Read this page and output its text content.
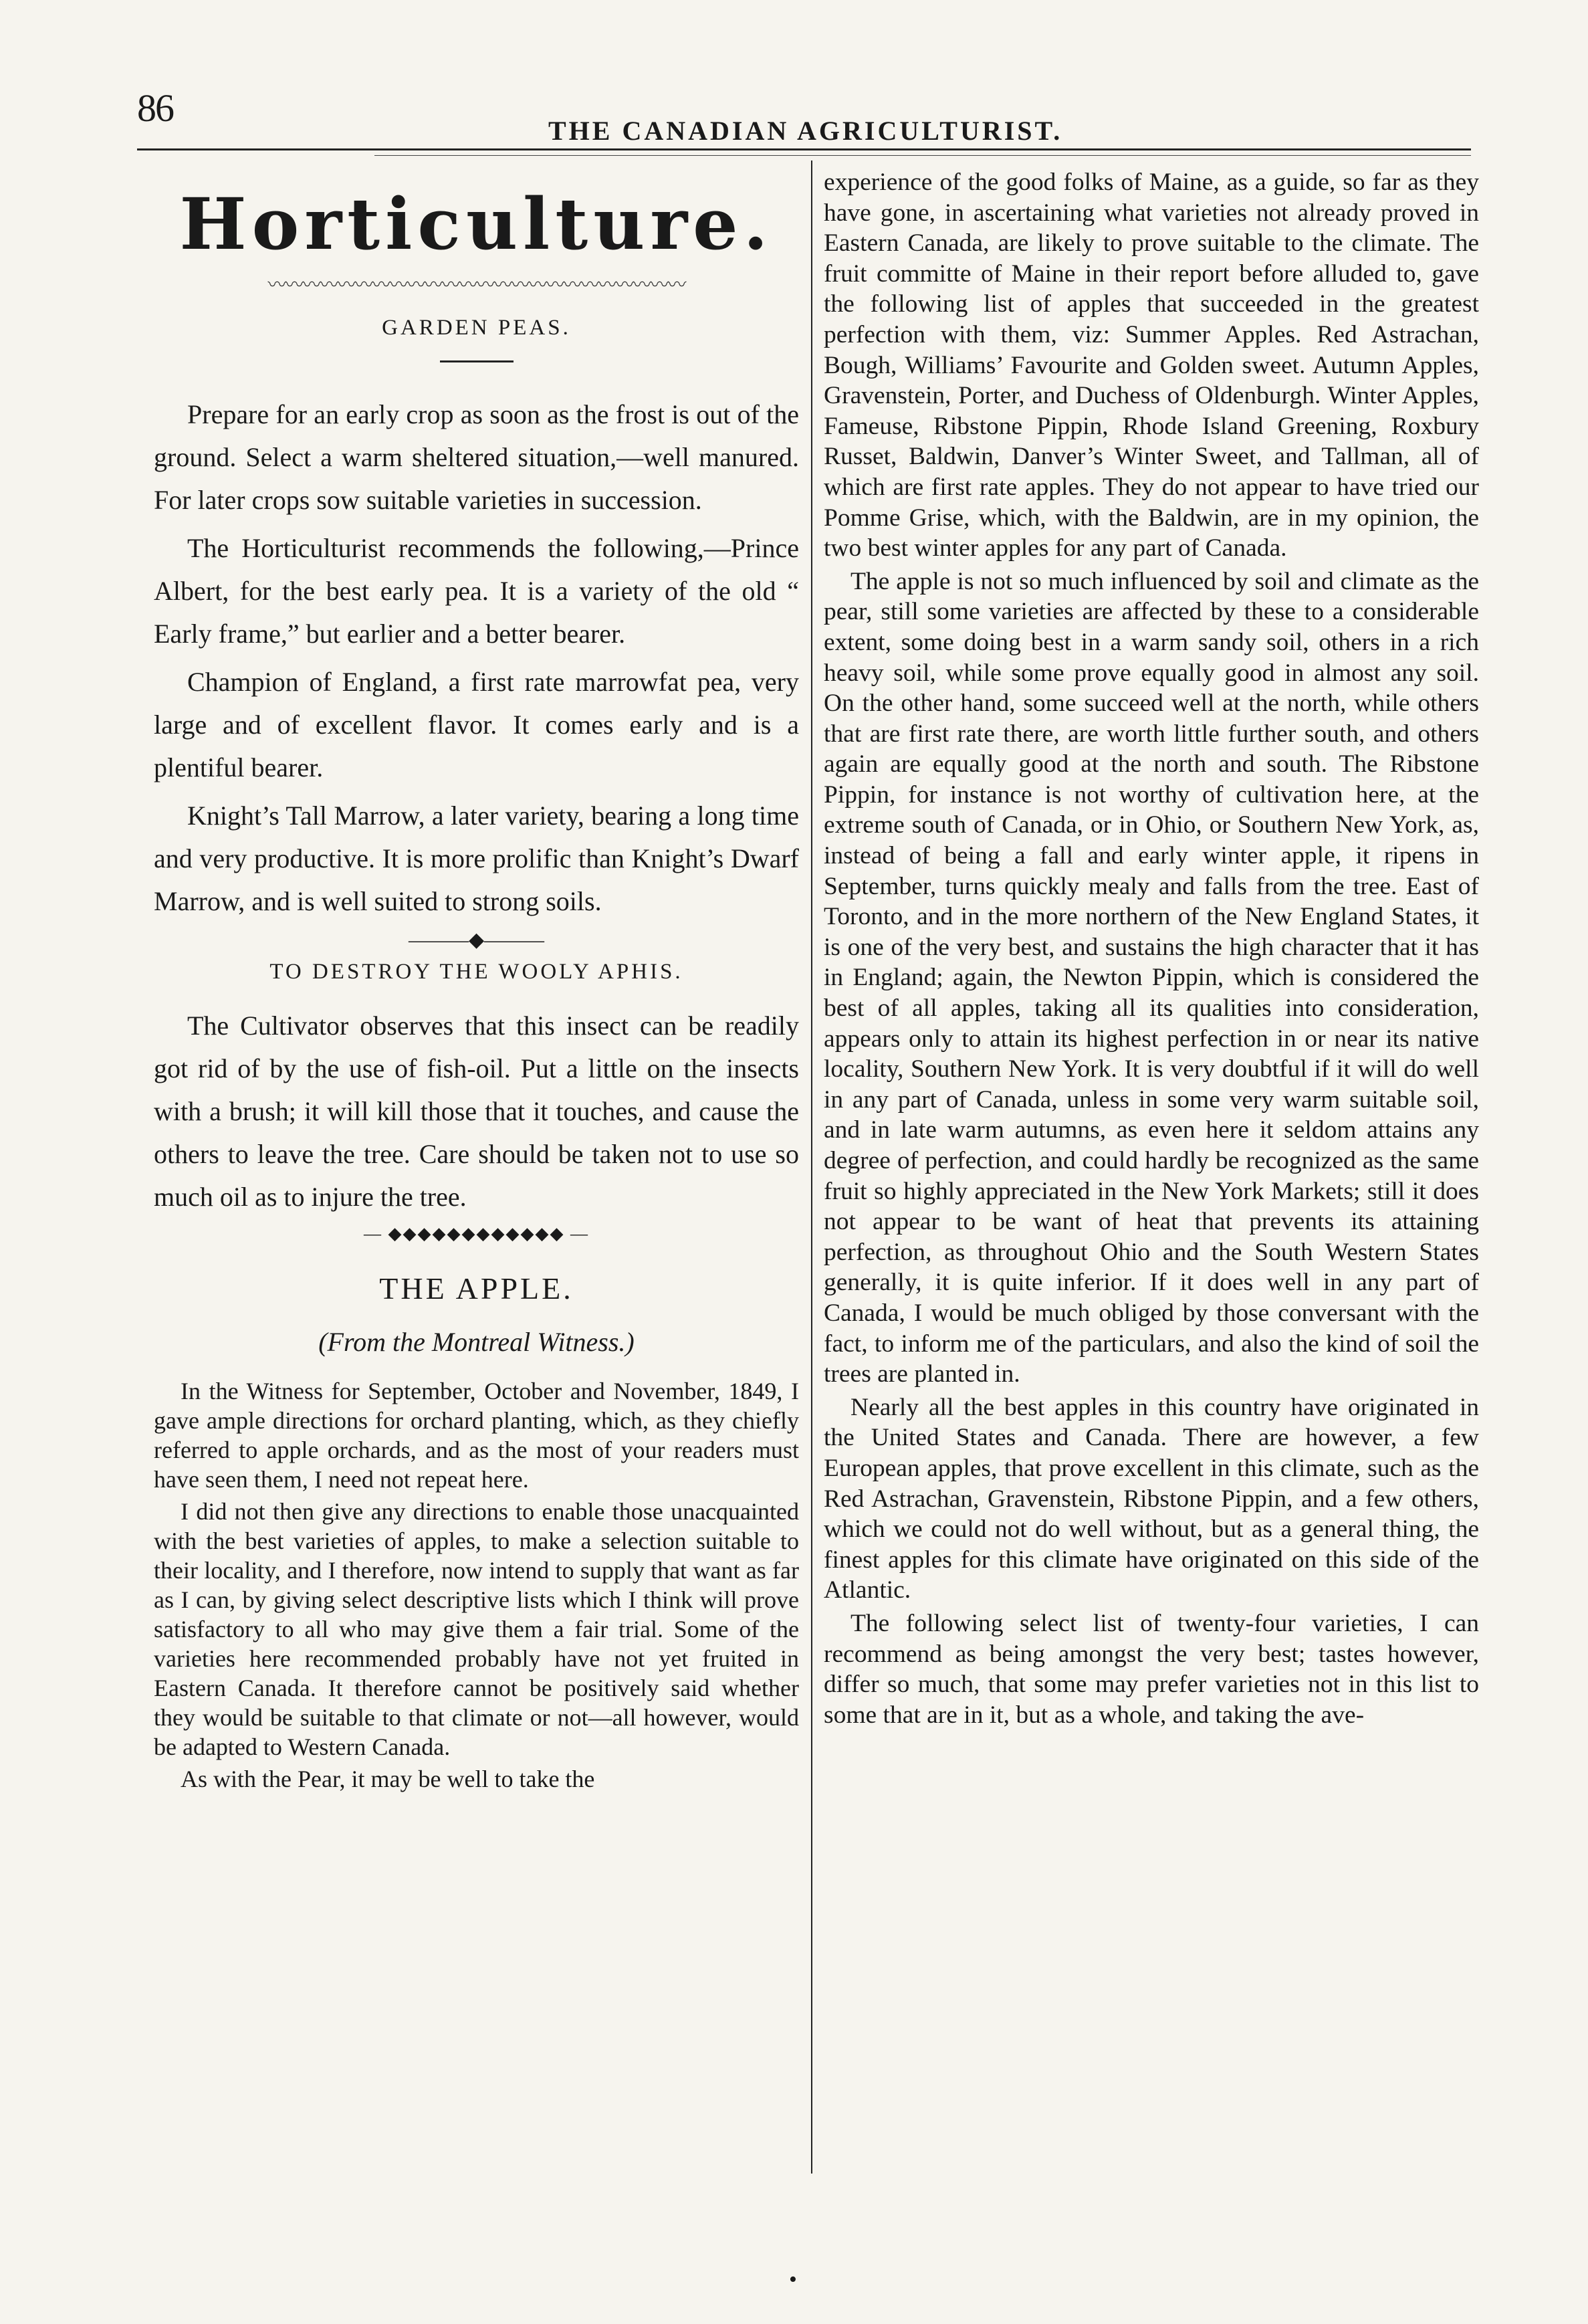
86
THE CANADIAN AGRICULTURIST.
Horticulture.
〰〰〰〰〰〰〰〰〰〰〰〰〰〰〰〰〰〰〰〰〰〰〰〰
GARDEN PEAS.

Prepare for an early crop as soon as the frost is out of the ground. Select a warm sheltered situation,—well manured. For later crops sow suitable varieties in succession.

The Horticulturist recommends the following,—Prince Albert, for the best early pea. It is a variety of the old “ Early frame,” but earlier and a better bearer.

Champion of England, a first rate marrowfat pea, very large and of excellent flavor. It comes early and is a plentiful bearer.

Knight’s Tall Marrow, a later variety, bearing a long time and very productive. It is more prolific than Knight’s Dwarf Marrow, and is well suited to strong soils.

———◆———
TO DESTROY THE WOOLY APHIS.

The Cultivator observes that this insect can be readily got rid of by the use of fish-oil. Put a little on the insects with a brush; it will kill those that it touches, and cause the others to leave the tree. Care should be taken not to use so much oil as to injure the tree.

— ◆◆◆◆◆◆◆◆◆◆◆◆ —
THE APPLE.
(From the Montreal Witness.)

In the Witness for September, October and November, 1849, I gave ample directions for orchard planting, which, as they chiefly referred to apple orchards, and as the most of your readers must have seen them, I need not repeat here.

I did not then give any directions to enable those unacquainted with the best varieties of apples, to make a selection suitable to their locality, and I therefore, now intend to supply that want as far as I can, by giving select descriptive lists which I think will prove satisfactory to all who may give them a fair trial. Some of the varieties here recommended probably have not yet fruited in Eastern Canada. It therefore cannot be positively said whether they would be suitable to that climate or not—all however, would be adapted to Western Canada.

As with the Pear, it may be well to take the

experience of the good folks of Maine, as a guide, so far as they have gone, in ascertaining what varieties not already proved in Eastern Canada, are likely to prove suitable to the climate. The fruit committe of Maine in their report before alluded to, gave the following list of apples that succeeded in the greatest perfection with them, viz: Summer Apples. Red Astrachan, Bough, Williams’ Favourite and Golden sweet. Autumn Apples, Gravenstein, Porter, and Duchess of Oldenburgh. Winter Apples, Fameuse, Ribstone Pippin, Rhode Island Greening, Roxbury Russet, Baldwin, Danver’s Winter Sweet, and Tallman, all of which are first rate apples. They do not appear to have tried our Pomme Grise, which, with the Baldwin, are in my opinion, the two best winter apples for any part of Canada.

The apple is not so much influenced by soil and climate as the pear, still some varieties are affected by these to a considerable extent, some doing best in a warm sandy soil, others in a rich heavy soil, while some prove equally good in almost any soil. On the other hand, some succeed well at the north, while others that are first rate there, are worth little further south, and others again are equally good at the north and south. The Ribstone Pippin, for instance is not worthy of cultivation here, at the extreme south of Canada, or in Ohio, or Southern New York, as, instead of being a fall and early winter apple, it ripens in September, turns quickly mealy and falls from the tree. East of Toronto, and in the more northern of the New England States, it is one of the very best, and sustains the high character that it has in England; again, the Newton Pippin, which is considered the best of all apples, taking all its qualities into consideration, appears only to attain its highest perfection in or near its native locality, Southern New York. It is very doubtful if it will do well in any part of Canada, unless in some very warm suitable soil, and in late warm autumns, as even here it seldom attains any degree of perfection, and could hardly be recognized as the same fruit so highly appreciated in the New York Markets; still it does not appear to be want of heat that prevents its attaining perfection, as throughout Ohio and the South Western States generally, it is quite inferior. If it does well in any part of Canada, I would be much obliged by those conversant with the fact, to inform me of the particulars, and also the kind of soil the trees are planted in.

Nearly all the best apples in this country have originated in the United States and Canada. There are however, a few European apples, that prove excellent in this climate, such as the Red Astrachan, Gravenstein, Ribstone Pippin, and a few others, which we could not do well without, but as a general thing, the finest apples for this climate have originated on this side of the Atlantic.

The following select list of twenty-four varieties, I can recommend as being amongst the very best; tastes however, differ so much, that some may prefer varieties not in this list to some that are in it, but as a whole, and taking the ave-

•
